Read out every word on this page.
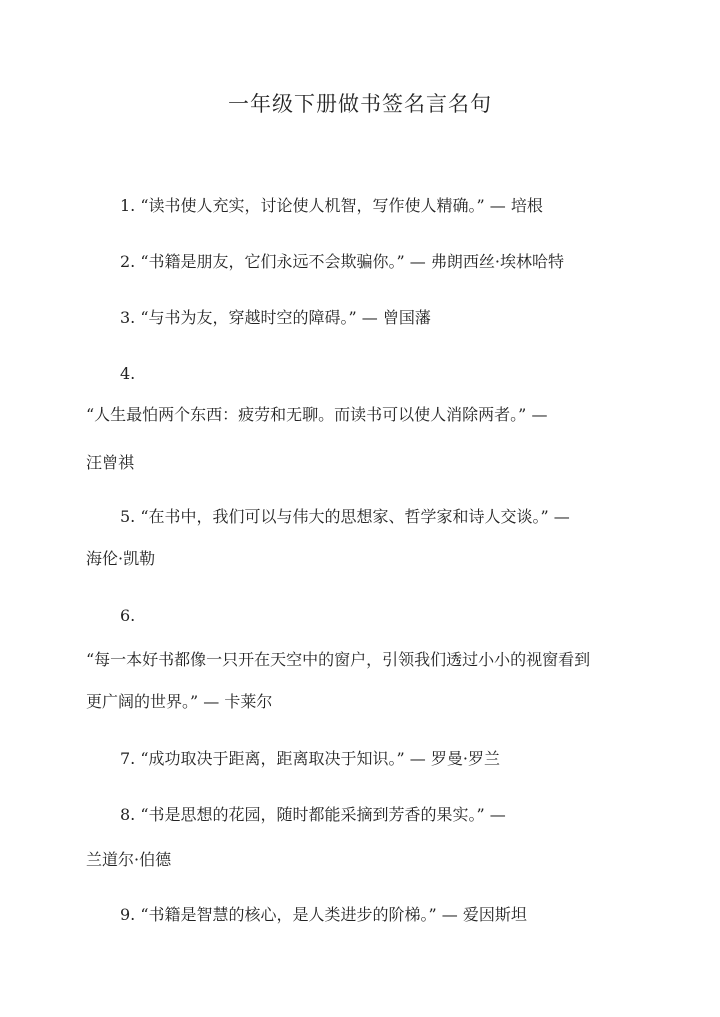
一年级下册做书签名言名句

1. “读书使人充实，讨论使人机智，写作使人精确。” — 培根

2. “书籍是朋友，它们永远不会欺骗你。” — 弗朗西丝·埃林哈特

3. “与书为友，穿越时空的障碍。” — 曾国藩

4.

“人生最怕两个东西：疲劳和无聊。而读书可以使人消除两者。” —

汪曾祺

5. “在书中，我们可以与伟大的思想家、哲学家和诗人交谈。” —

海伦·凯勒

6.

“每一本好书都像一只开在天空中的窗户，引领我们透过小小的视窗看到

更广阔的世界。” — 卡莱尔

7. “成功取决于距离，距离取决于知识。” — 罗曼·罗兰

8. “书是思想的花园，随时都能采摘到芳香的果实。” —

兰道尔·伯德

9. “书籍是智慧的核心，是人类进步的阶梯。” — 爱因斯坦
